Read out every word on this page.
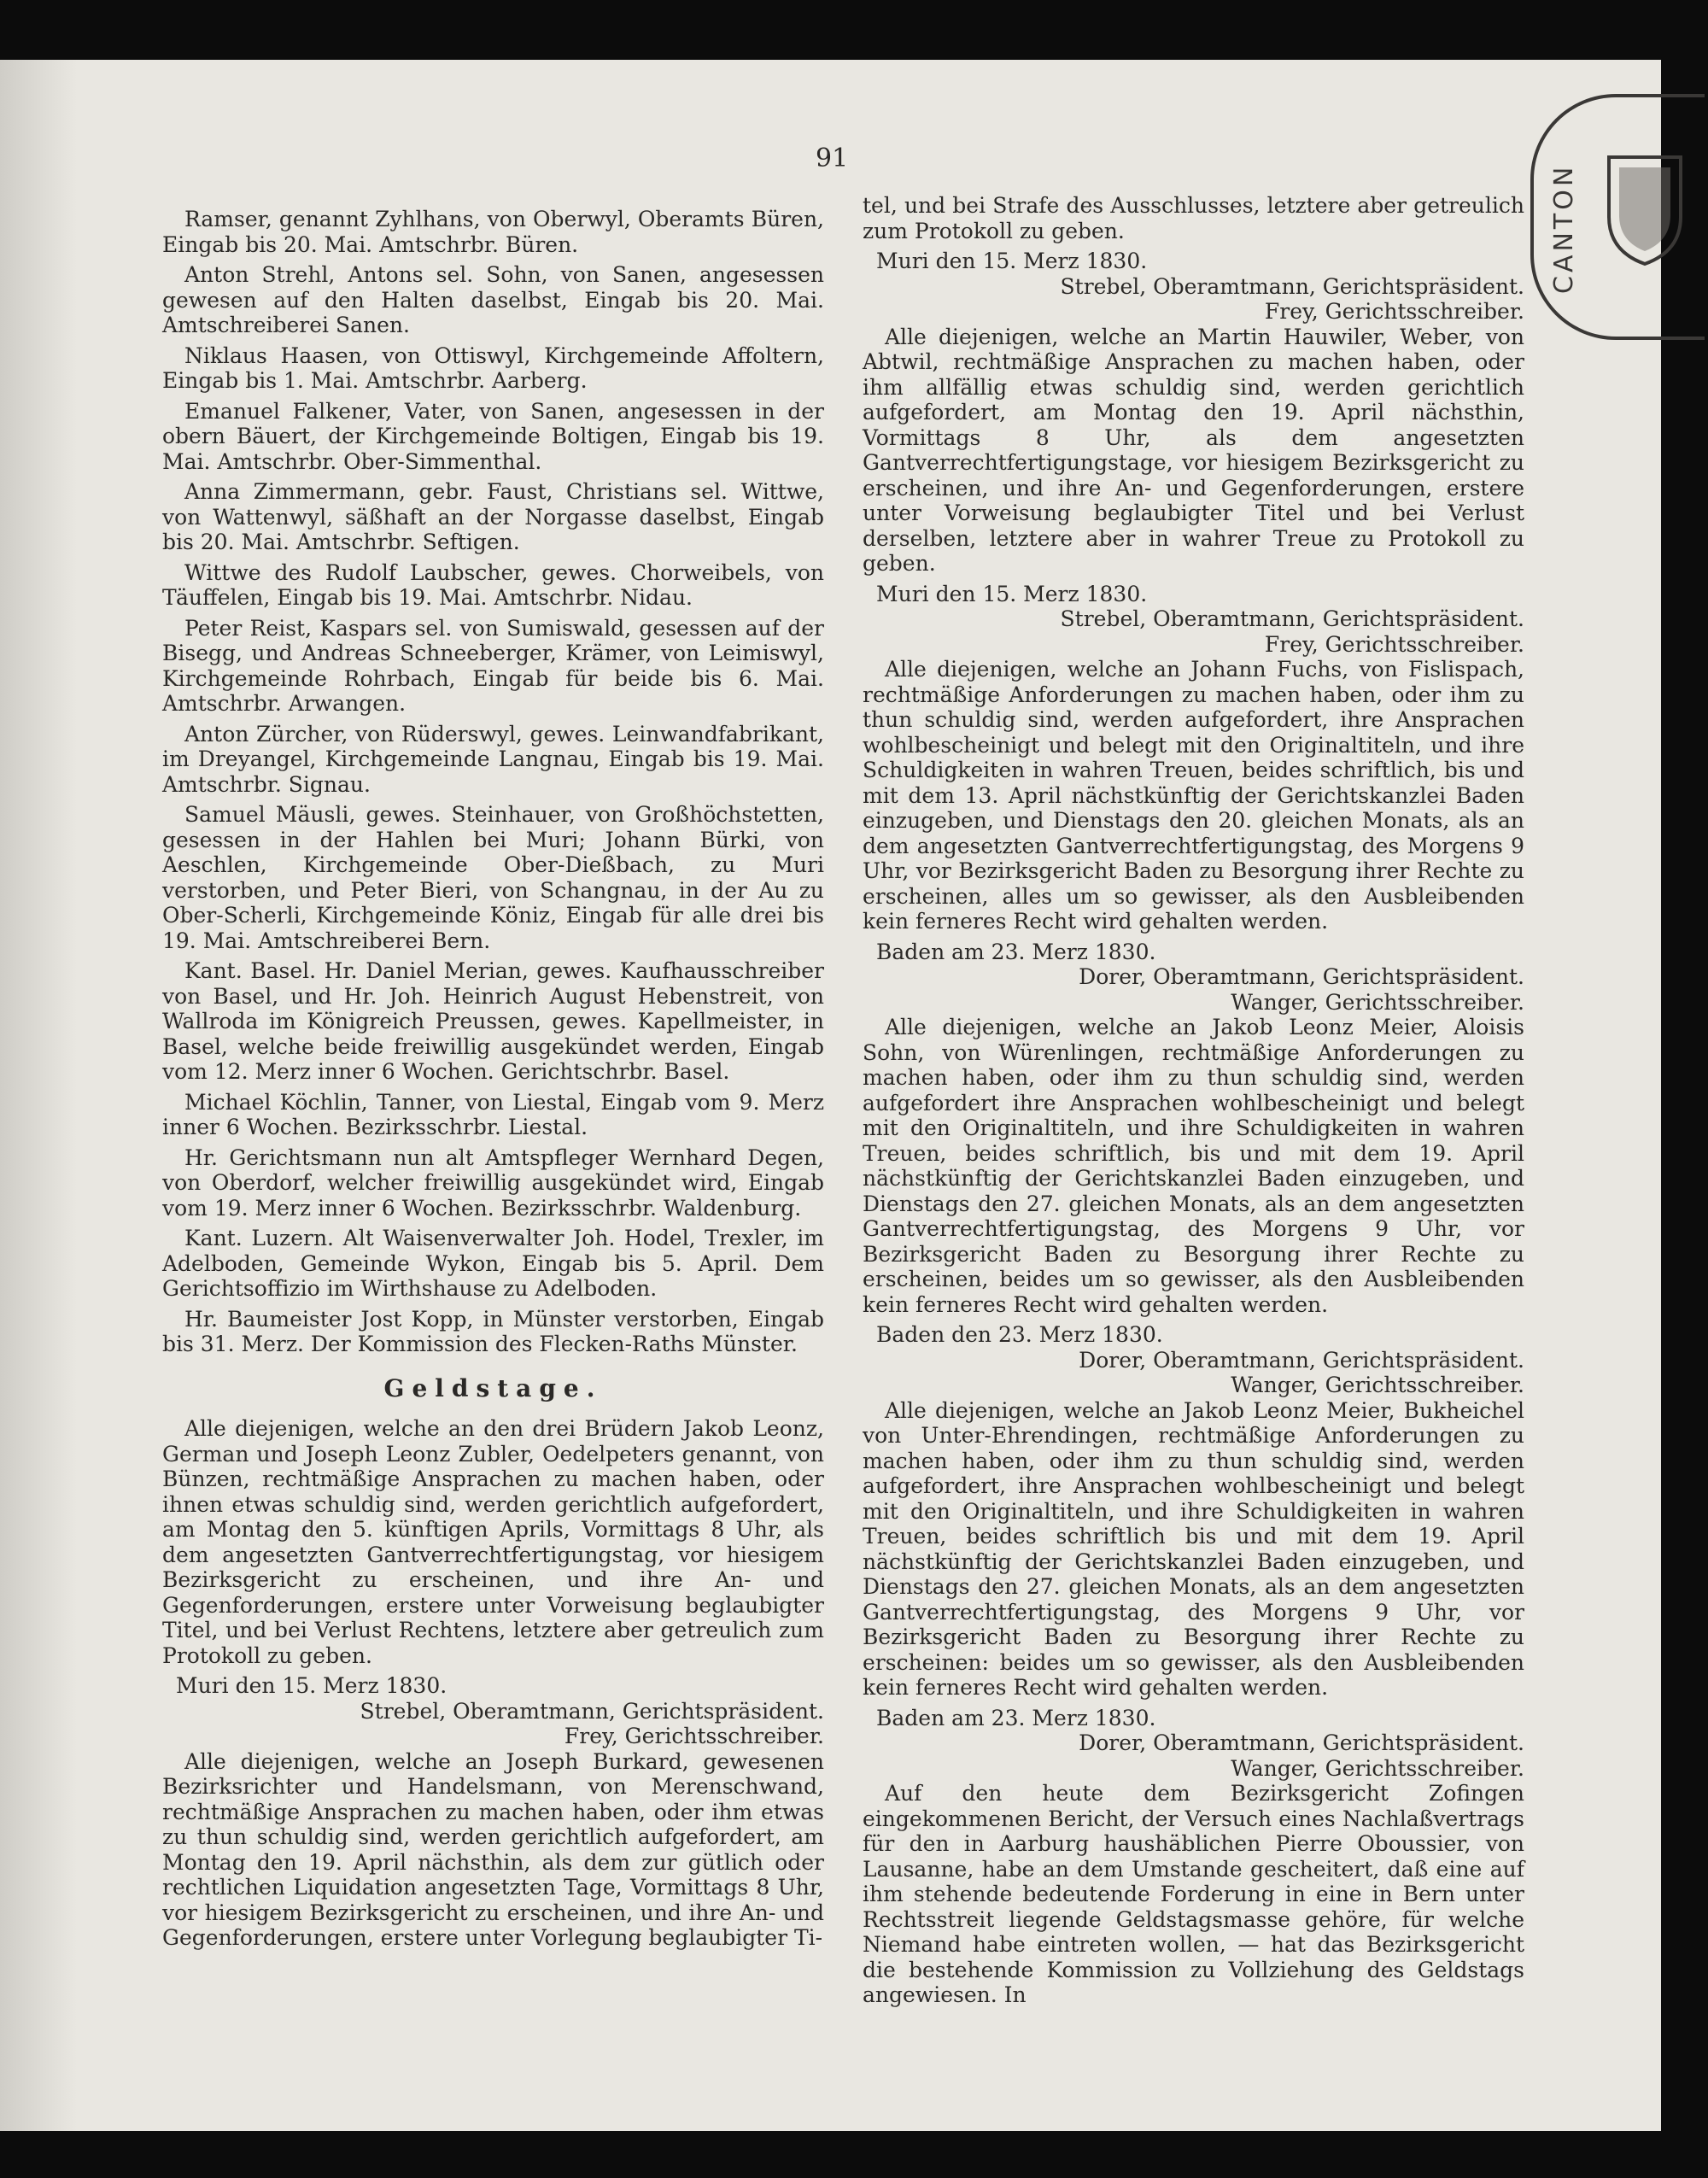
91
CANTON

Ramser, genannt Zyhlhans, von Oberwyl, Oberamts Büren, Eingab bis 20. Mai. Amtschrbr. Büren.

Anton Strehl, Antons sel. Sohn, von Sanen, angesessen gewesen auf den Halten daselbst, Eingab bis 20. Mai. Amtschreiberei Sanen.

Niklaus Haasen, von Ottiswyl, Kirchgemeinde Affoltern, Eingab bis 1. Mai. Amtschrbr. Aarberg.

Emanuel Falkener, Vater, von Sanen, angesessen in der obern Bäuert, der Kirchgemeinde Boltigen, Eingab bis 19. Mai. Amtschrbr. Ober-Simmenthal.

Anna Zimmermann, gebr. Faust, Christians sel. Wittwe, von Wattenwyl, säßhaft an der Norgasse daselbst, Eingab bis 20. Mai. Amtschrbr. Seftigen.

Wittwe des Rudolf Laubscher, gewes. Chorweibels, von Täuffelen, Eingab bis 19. Mai. Amtschrbr. Nidau.

Peter Reist, Kaspars sel. von Sumiswald, gesessen auf der Bisegg, und Andreas Schneeberger, Krämer, von Leimiswyl, Kirchgemeinde Rohrbach, Eingab für beide bis 6. Mai. Amtschrbr. Arwangen.

Anton Zürcher, von Rüderswyl, gewes. Leinwandfabrikant, im Dreyangel, Kirchgemeinde Langnau, Eingab bis 19. Mai. Amtschrbr. Signau.

Samuel Mäusli, gewes. Steinhauer, von Großhöchstetten, gesessen in der Hahlen bei Muri; Johann Bürki, von Aeschlen, Kirchgemeinde Ober-Dießbach, zu Muri verstorben, und Peter Bieri, von Schangnau, in der Au zu Ober-Scherli, Kirchgemeinde Köniz, Eingab für alle drei bis 19. Mai. Amtschreiberei Bern.

Kant. Basel. Hr. Daniel Merian, gewes. Kaufhausschreiber von Basel, und Hr. Joh. Heinrich August Hebenstreit, von Wallroda im Königreich Preussen, gewes. Kapellmeister, in Basel, welche beide freiwillig ausgekündet werden, Eingab vom 12. Merz inner 6 Wochen. Gerichtschrbr. Basel.

Michael Köchlin, Tanner, von Liestal, Eingab vom 9. Merz inner 6 Wochen. Bezirksschrbr. Liestal.

Hr. Gerichtsmann nun alt Amtspfleger Wernhard Degen, von Oberdorf, welcher freiwillig ausgekündet wird, Eingab vom 19. Merz inner 6 Wochen. Bezirksschrbr. Waldenburg.

Kant. Luzern. Alt Waisenverwalter Joh. Hodel, Trexler, im Adelboden, Gemeinde Wykon, Eingab bis 5. April. Dem Gerichtsoffizio im Wirthshause zu Adelboden.

Hr. Baumeister Jost Kopp, in Münster verstorben, Eingab bis 31. Merz. Der Kommission des Flecken-Raths Münster.

Geldstage.

Alle diejenigen, welche an den drei Brüdern Jakob Leonz, German und Joseph Leonz Zubler, Oedelpeters genannt, von Bünzen, rechtmäßige Ansprachen zu machen haben, oder ihnen etwas schuldig sind, werden gerichtlich aufgefordert, am Montag den 5. künftigen Aprils, Vormittags 8 Uhr, als dem angesetzten Gantverrechtfertigungstag, vor hiesigem Bezirksgericht zu erscheinen, und ihre An- und Gegenforderungen, erstere unter Vorweisung beglaubigter Titel, und bei Verlust Rechtens, letztere aber getreulich zum Protokoll zu geben.

Muri den 15. Merz 1830.

Strebel, Oberamtmann, Gerichtspräsident.

Frey, Gerichtsschreiber.

Alle diejenigen, welche an Joseph Burkard, gewesenen Bezirksrichter und Handelsmann, von Merenschwand, rechtmäßige Ansprachen zu machen haben, oder ihm etwas zu thun schuldig sind, werden gerichtlich aufgefordert, am Montag den 19. April nächsthin, als dem zur gütlich oder rechtlichen Liquidation angesetzten Tage, Vormittags 8 Uhr, vor hiesigem Bezirksgericht zu erscheinen, und ihre An- und Gegenforderungen, erstere unter Vorlegung beglaubigter Ti-

tel, und bei Strafe des Ausschlusses, letztere aber getreulich zum Protokoll zu geben.

Muri den 15. Merz 1830.

Strebel, Oberamtmann, Gerichtspräsident.

Frey, Gerichtsschreiber.

Alle diejenigen, welche an Martin Hauwiler, Weber, von Abtwil, rechtmäßige Ansprachen zu machen haben, oder ihm allfällig etwas schuldig sind, werden gerichtlich aufgefordert, am Montag den 19. April nächsthin, Vormittags 8 Uhr, als dem angesetzten Gantverrechtfertigungstage, vor hiesigem Bezirksgericht zu erscheinen, und ihre An- und Gegenforderungen, erstere unter Vorweisung beglaubigter Titel und bei Verlust derselben, letztere aber in wahrer Treue zu Protokoll zu geben.

Muri den 15. Merz 1830.

Strebel, Oberamtmann, Gerichtspräsident.

Frey, Gerichtsschreiber.

Alle diejenigen, welche an Johann Fuchs, von Fislispach, rechtmäßige Anforderungen zu machen haben, oder ihm zu thun schuldig sind, werden aufgefordert, ihre Ansprachen wohlbescheinigt und belegt mit den Originaltiteln, und ihre Schuldigkeiten in wahren Treuen, beides schriftlich, bis und mit dem 13. April nächstkünftig der Gerichtskanzlei Baden einzugeben, und Dienstags den 20. gleichen Monats, als an dem angesetzten Gantverrechtfertigungstag, des Morgens 9 Uhr, vor Bezirksgericht Baden zu Besorgung ihrer Rechte zu erscheinen, alles um so gewisser, als den Ausbleibenden kein ferneres Recht wird gehalten werden.

Baden am 23. Merz 1830.

Dorer, Oberamtmann, Gerichtspräsident.

Wanger, Gerichtsschreiber.

Alle diejenigen, welche an Jakob Leonz Meier, Aloisis Sohn, von Würenlingen, rechtmäßige Anforderungen zu machen haben, oder ihm zu thun schuldig sind, werden aufgefordert ihre Ansprachen wohlbescheinigt und belegt mit den Originaltiteln, und ihre Schuldigkeiten in wahren Treuen, beides schriftlich, bis und mit dem 19. April nächstkünftig der Gerichtskanzlei Baden einzugeben, und Dienstags den 27. gleichen Monats, als an dem angesetzten Gantverrechtfertigungstag, des Morgens 9 Uhr, vor Bezirksgericht Baden zu Besorgung ihrer Rechte zu erscheinen, beides um so gewisser, als den Ausbleibenden kein ferneres Recht wird gehalten werden.

Baden den 23. Merz 1830.

Dorer, Oberamtmann, Gerichtspräsident.

Wanger, Gerichtsschreiber.

Alle diejenigen, welche an Jakob Leonz Meier, Bukheichel von Unter-Ehrendingen, rechtmäßige Anforderungen zu machen haben, oder ihm zu thun schuldig sind, werden aufgefordert, ihre Ansprachen wohlbescheinigt und belegt mit den Originaltiteln, und ihre Schuldigkeiten in wahren Treuen, beides schriftlich bis und mit dem 19. April nächstkünftig der Gerichtskanzlei Baden einzugeben, und Dienstags den 27. gleichen Monats, als an dem angesetzten Gantverrechtfertigungstag, des Morgens 9 Uhr, vor Bezirksgericht Baden zu Besorgung ihrer Rechte zu erscheinen: beides um so gewisser, als den Ausbleibenden kein ferneres Recht wird gehalten werden.

Baden am 23. Merz 1830.

Dorer, Oberamtmann, Gerichtspräsident.

Wanger, Gerichtsschreiber.

Auf den heute dem Bezirksgericht Zofingen eingekommenen Bericht, der Versuch eines Nachlaßvertrags für den in Aarburg haushäblichen Pierre Oboussier, von Lausanne, habe an dem Umstande gescheitert, daß eine auf ihm stehende bedeutende Forderung in eine in Bern unter Rechtsstreit liegende Geldstagsmasse gehöre, für welche Niemand habe eintreten wollen, — hat das Bezirksgericht die bestehende Kommission zu Vollziehung des Geldstags angewiesen. In
